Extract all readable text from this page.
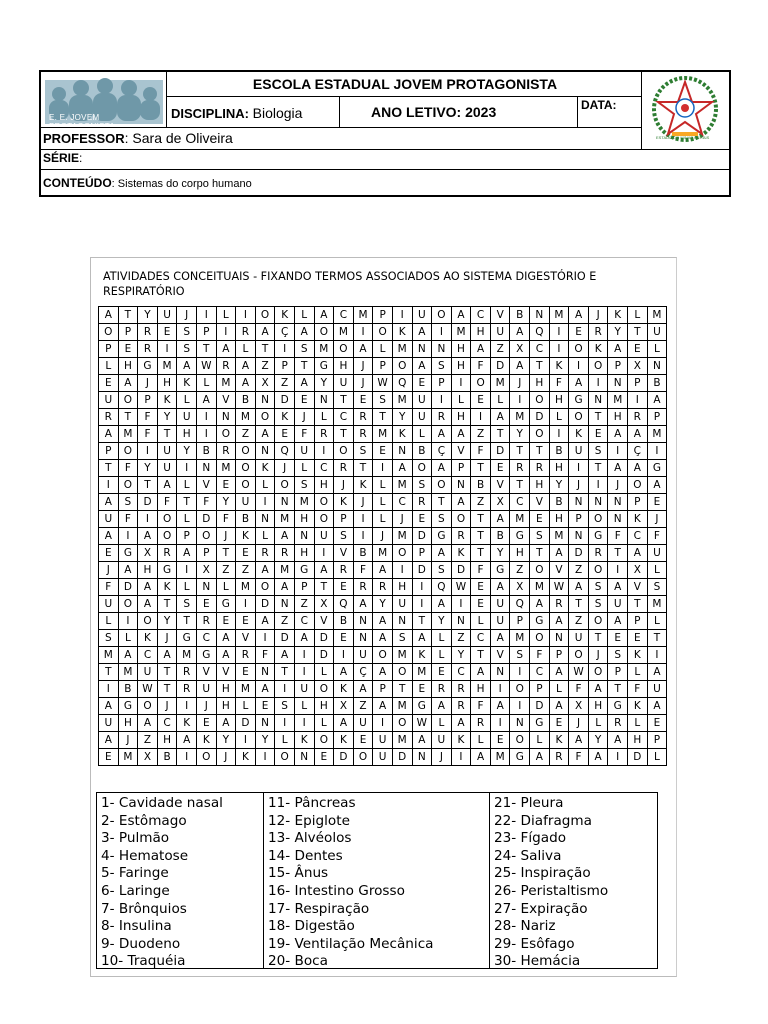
E. E. JOVEM PROTAGONISTA
ESCOLA ESTADUAL JOVEM PROTAGONISTA
DISCIPLINA: Biologia	ANO LETIVO: 2023	DATA:
ESTADO DO MINAS GERAIS
PROFESSOR: Sara de Oliveira
SÉRIE:
CONTEÚDO: Sistemas do corpo humano
ATIVIDADES CONCEITUAIS - FIXANDO TERMOS ASSOCIADOS AO SISTEMA DIGESTÓRIO E RESPIRATÓRIO
A	T	Y	U	J	I	L	I	O	K	L	A	C	M	P	I	U	O	A	C	V	B	N	M	A	J	K	L	M
O	P	R	E	S	P	I	R	A	Ç	A	O	M	I	O	K	A	I	M	H	U	A	Q	I	E	R	Y	T	U
P	E	R	I	S	T	A	L	T	I	S	M	O	A	L	M	N	N	H	A	Z	X	C	I	O	K	A	E	L
L	H	G	M	A	W	R	A	Z	P	T	G	H	J	P	O	A	S	H	F	D	A	T	K	I	O	P	X	N
E	A	J	H	K	L	M	A	X	Z	A	Y	U	J	W	Q	E	P	I	O	M	J	H	F	A	I	N	P	B
U	O	P	K	L	A	V	B	N	D	E	N	T	E	S	M	U	I	L	E	L	I	O	H	G	N	M	I	A
R	T	F	Y	U	I	N	M	O	K	J	L	C	R	T	Y	U	R	H	I	A	M	D	L	O	T	H	R	P
A	M	F	T	H	I	O	Z	A	E	F	R	T	R	M	K	L	A	A	Z	T	Y	O	I	K	E	A	A	M
P	O	I	U	Y	B	R	O	N	Q	U	I	O	S	E	N	B	Ç	V	F	D	T	T	B	U	S	I	Ç	I
T	F	Y	U	I	N	M	O	K	J	L	C	R	T	I	A	O	A	P	T	E	R	R	H	I	T	A	A	G
I	O	T	A	L	V	E	O	L	O	S	H	J	K	L	M	S	O	N	B	V	T	H	Y	J	I	J	O	A
A	S	D	F	T	F	Y	U	I	N	M	O	K	J	L	C	R	T	A	Z	X	C	V	B	N	N	N	P	E
U	F	I	O	L	D	F	B	N	M	H	O	P	I	L	J	E	S	O	T	A	M	E	H	P	O	N	K	J
A	I	A	O	P	O	J	K	L	A	N	U	S	I	J	M	D	G	R	T	B	G	S	M	N	G	F	C	F
E	G	X	R	A	P	T	E	R	R	H	I	V	B	M	O	P	A	K	T	Y	H	T	A	D	R	T	A	U
J	A	H	G	I	X	Z	Z	A	M	G	A	R	F	A	I	D	S	D	F	G	Z	O	V	Z	O	I	X	L
F	D	A	K	L	N	L	M	O	A	P	T	E	R	R	H	I	Q	W	E	A	X	M	W	A	S	A	V	S
U	O	A	T	S	E	G	I	D	N	Z	X	Q	A	Y	U	I	A	I	E	U	Q	A	R	T	S	U	T	M
L	I	O	Y	T	R	E	E	A	Z	C	V	B	N	A	N	T	Y	N	L	U	P	G	A	Z	O	A	P	L
S	L	K	J	G	C	A	V	I	D	A	D	E	N	A	S	A	L	Z	C	A	M	O	N	U	T	E	E	T
M	A	C	A	M	G	A	R	F	A	I	D	I	U	O	M	K	L	Y	T	V	S	F	P	O	J	S	K	I
T	M	U	T	R	V	V	E	N	T	I	L	A	Ç	A	O	M	E	C	A	N	I	C	A	W	O	P	L	A
I	B	W	T	R	U	H	M	A	I	U	O	K	A	P	T	E	R	R	H	I	O	P	L	F	A	T	F	U
A	G	O	J	I	J	H	L	E	S	L	H	X	Z	A	M	G	A	R	F	A	I	D	A	X	H	G	K	A
U	H	A	C	K	E	A	D	N	I	I	L	A	U	I	O	W	L	A	R	I	N	G	E	J	L	R	L	E
A	J	Z	H	A	K	Y	I	Y	L	K	O	K	E	U	M	A	U	K	L	E	O	L	K	A	Y	A	H	P
E	M	X	B	I	O	J	K	I	O	N	E	D	O	U	D	N	J	I	A	M	G	A	R	F	A	I	D	L
1- Cavidade nasal
2- Estômago
3- Pulmão
4- Hematose
5- Faringe
6- Laringe
7- Brônquios
8- Insulina
9- Duodeno
10- Traquéia
11- Pâncreas
12- Epiglote
13- Alvéolos
14- Dentes
15- Ânus
16- Intestino Grosso
17- Respiração
18- Digestão
19- Ventilação Mecânica
20- Boca
21- Pleura
22- Diafragma
23- Fígado
24- Saliva
25- Inspiração
26- Peristaltismo
27- Expiração
28- Nariz
29- Esôfago
30- Hemácia
